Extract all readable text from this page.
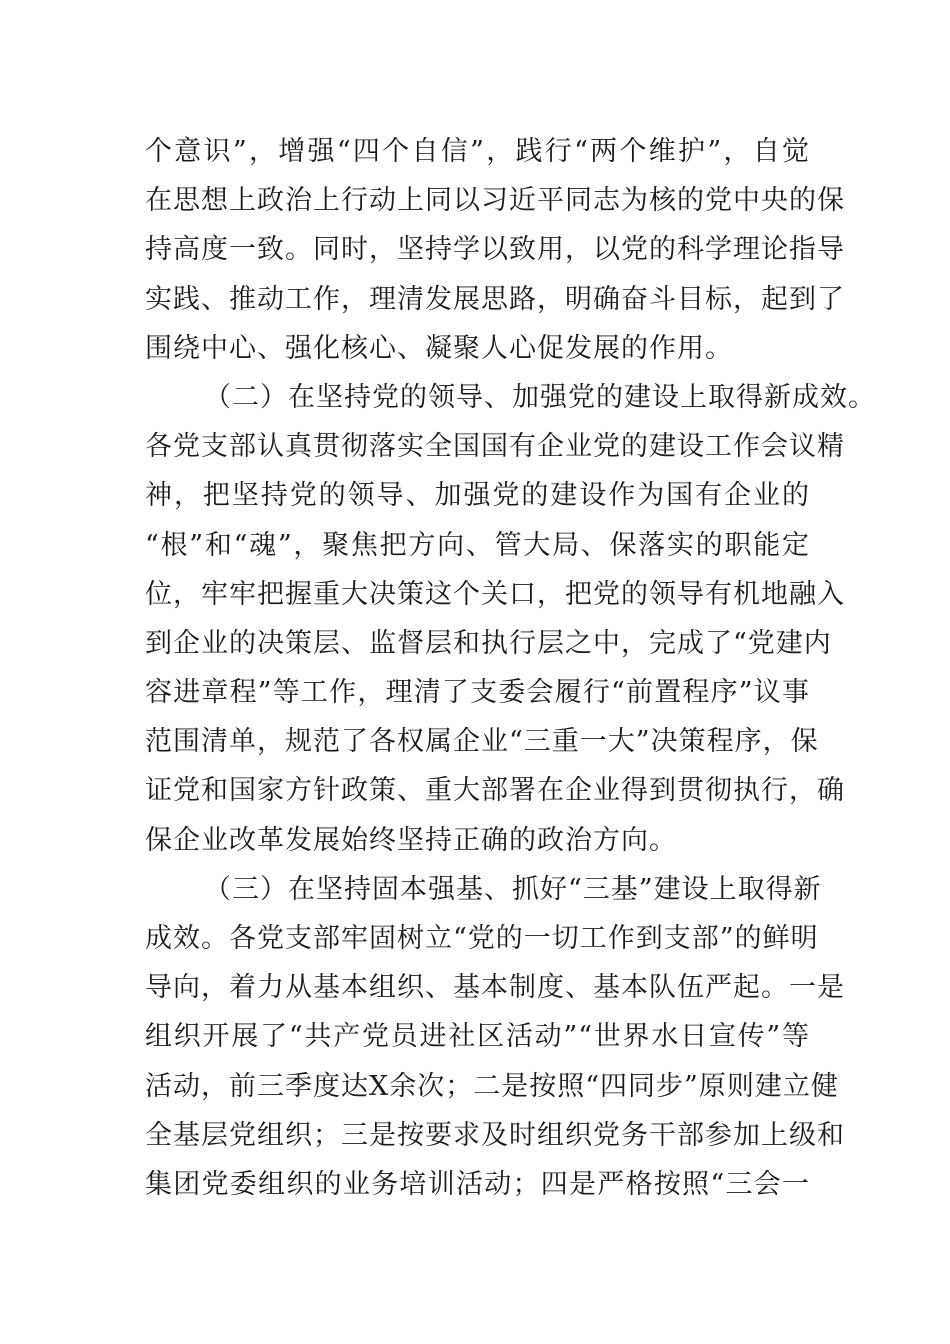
个意识”，增强“四个自信”，践行“两个维护”，自觉
在思想上政治上行动上同以习近平同志为核的党中央的保
持高度一致。同时，坚持学以致用，以党的科学理论指导
实践、推动工作，理清发展思路，明确奋斗目标，起到了
围绕中心、强化核心、凝聚人心促发展的作用。
（二）在坚持党的领导、加强党的建设上取得新成效。
各党支部认真贯彻落实全国国有企业党的建设工作会议精
神，把坚持党的领导、加强党的建设作为国有企业的
“根”和“魂”，聚焦把方向、管大局、保落实的职能定
位，牢牢把握重大决策这个关口，把党的领导有机地融入
到企业的决策层、监督层和执行层之中，完成了“党建内
容进章程”等工作，理清了支委会履行“前置程序”议事
范围清单，规范了各权属企业“三重一大”决策程序，保
证党和国家方针政策、重大部署在企业得到贯彻执行，确
保企业改革发展始终坚持正确的政治方向。
（三）在坚持固本强基、抓好“三基”建设上取得新
成效。各党支部牢固树立“党的一切工作到支部”的鲜明
导向，着力从基本组织、基本制度、基本队伍严起。一是
组织开展了“共产党员进社区活动”“世界水日宣传”等
活动，前三季度达X余次；二是按照“四同步”原则建立健
全基层党组织；三是按要求及时组织党务干部参加上级和
集团党委组织的业务培训活动；四是严格按照“三会一
